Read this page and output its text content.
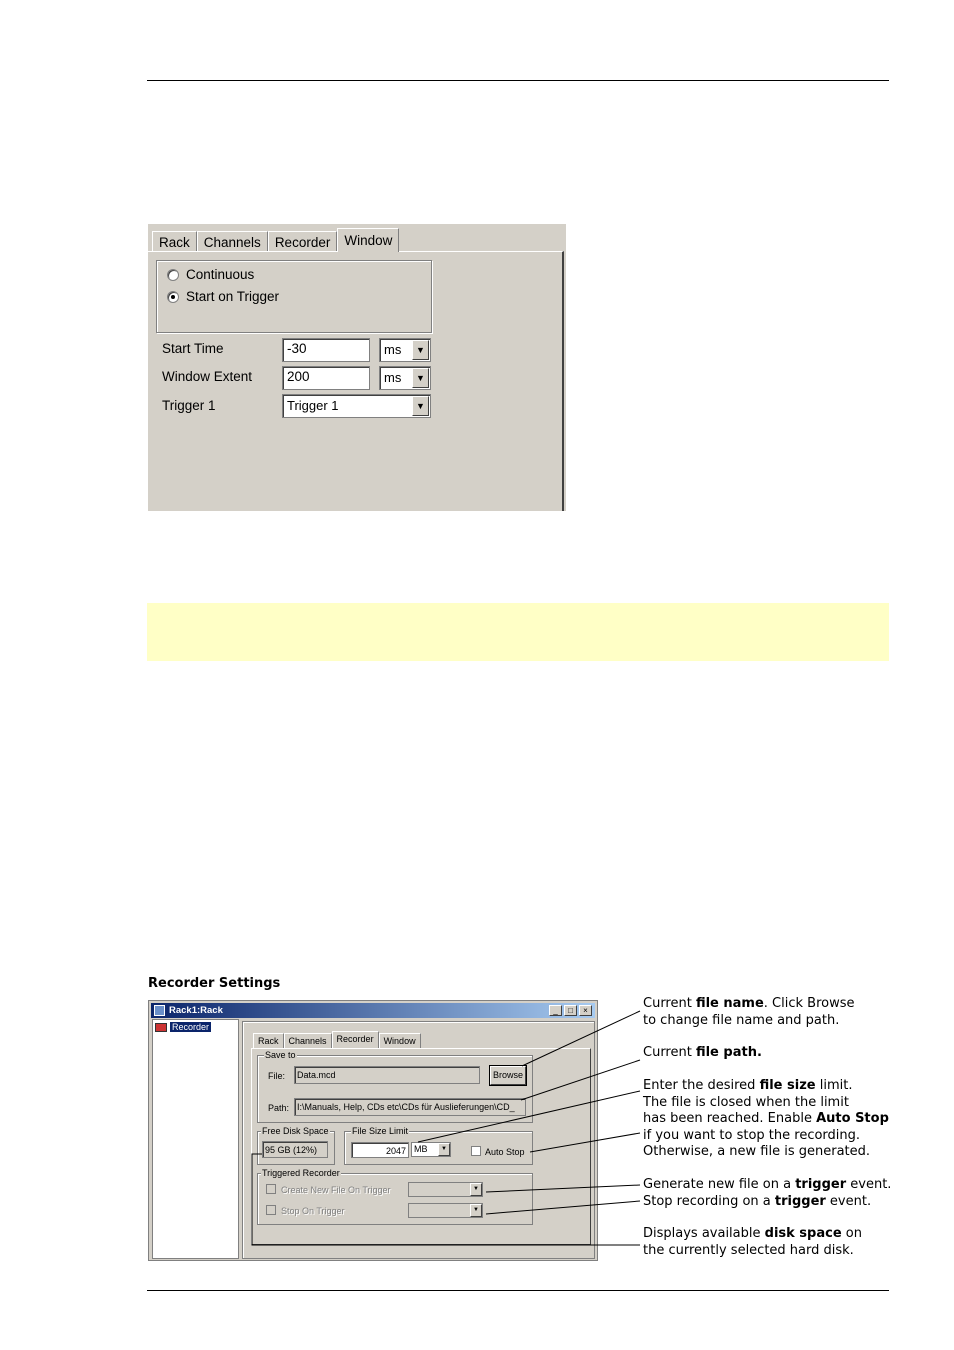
Rack	Channels	Recorder	Window
Continuous
Start on Trigger
Start Time	-30	ms	▼
Window Extent	200	ms	▼
Trigger 1	Trigger 1	▼
Recorder Settings
Rack1:Rack	_	□	×
Recorder
Rack	Channels	Recorder	Window
Save to
File:	Data.mcd	Browse
Path: I:\Manuals, Help, CDs etc\CDs für Auslieferungen\CD_
Free Disk Space
95 GB (12%)
File Size Limit
2047 MB	▼	Auto Stop
Triggered Recorder
Create New File On Trigger	▼
Stop On Trigger	▼
Current file name. Click Browse
to change file name and path.
Current file path.
Enter the desired file size limit.
The file is closed when the limit
has been reached. Enable Auto Stop
if you want to stop the recording.
Otherwise, a new file is generated.
Generate new file on a trigger event.
Stop recording on a trigger event.
Displays available disk space on
the currently selected hard disk.
